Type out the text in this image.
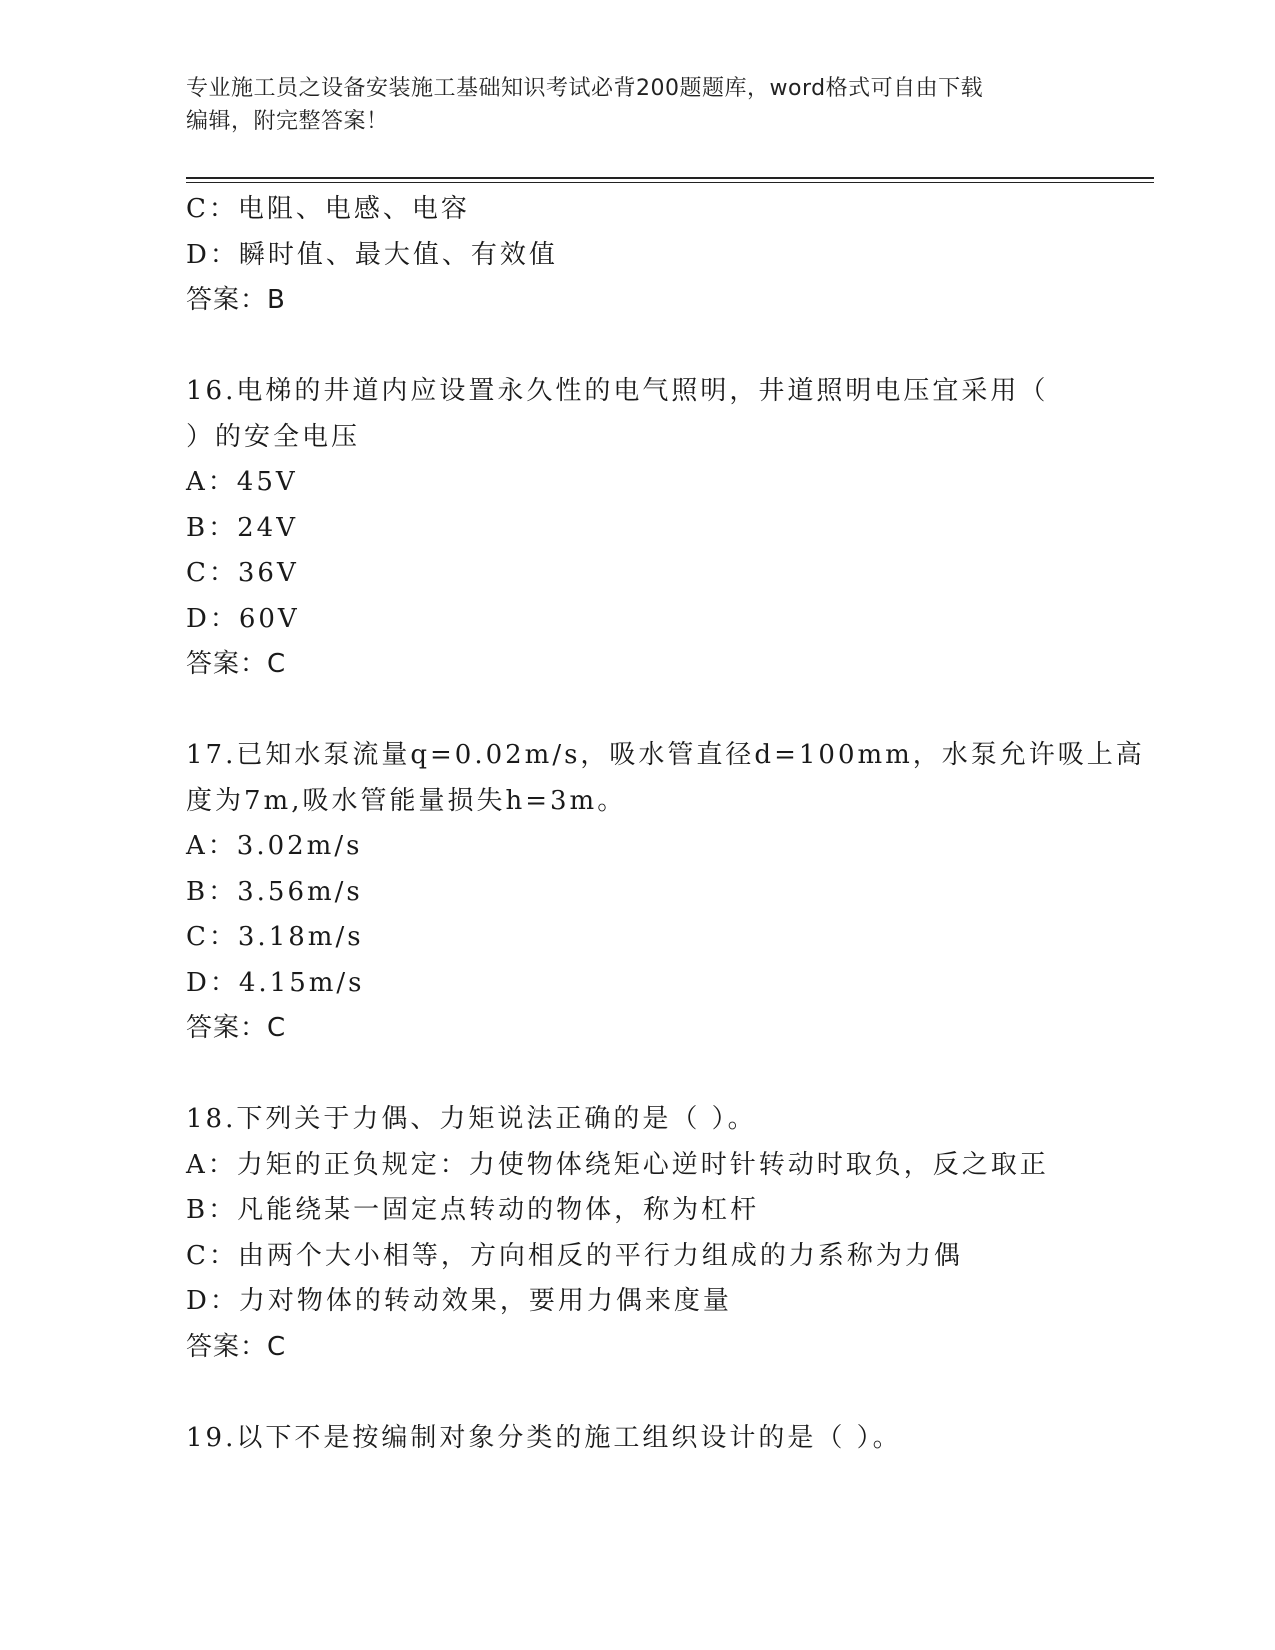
专业施工员之设备安装施工基础知识考试必背200题题库，word格式可自由下载
编辑，附完整答案！
C：电阻、电感、电容
D：瞬时值、最大值、有效值
答案：B
16.电梯的井道内应设置永久性的电气照明，井道照明电压宜采用（
）的安全电压
A：45V
B：24V
C：36V
D：60V
答案：C
17.已知水泵流量q=0.02m/s，吸水管直径d=100mm，水泵允许吸上高
度为7m,吸水管能量损失h=3m。
A：3.02m/s
B：3.56m/s
C：3.18m/s
D：4.15m/s
答案：C
18.下列关于力偶、力矩说法正确的是（ ）。
A：力矩的正负规定：力使物体绕矩心逆时针转动时取负，反之取正
B：凡能绕某一固定点转动的物体，称为杠杆
C：由两个大小相等，方向相反的平行力组成的力系称为力偶
D：力对物体的转动效果，要用力偶来度量
答案：C
19.以下不是按编制对象分类的施工组织设计的是（ ）。
